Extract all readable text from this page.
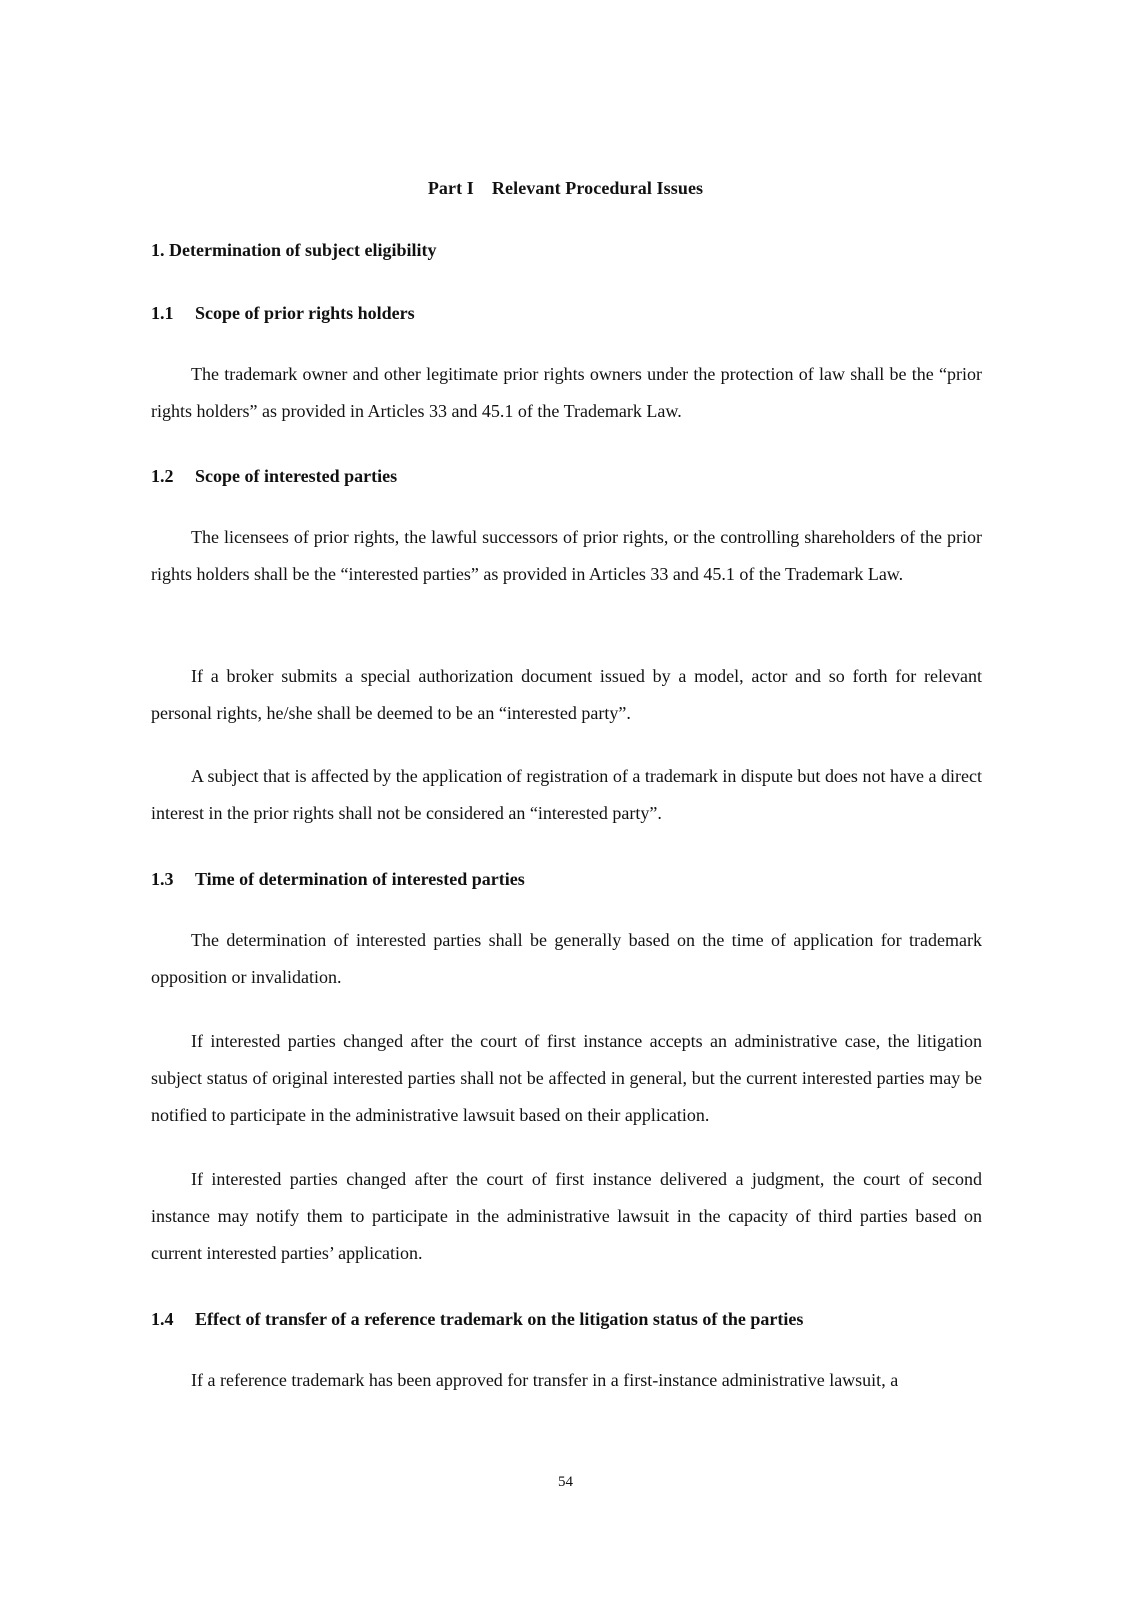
Part I Relevant Procedural Issues
1. Determination of subject eligibility
1.1 Scope of prior rights holders

The trademark owner and other legitimate prior rights owners under the protection of law shall be the “prior rights holders” as provided in Articles 33 and 45.1 of the Trademark Law.

1.2 Scope of interested parties

The licensees of prior rights, the lawful successors of prior rights, or the controlling shareholders of the prior rights holders shall be the “interested parties” as provided in Articles 33 and 45.1 of the Trademark Law.

If a broker submits a special authorization document issued by a model, actor and so forth for relevant personal rights, he/she shall be deemed to be an “interested party”.

A subject that is affected by the application of registration of a trademark in dispute but does not have a direct interest in the prior rights shall not be considered an “interested party”.

1.3 Time of determination of interested parties

The determination of interested parties shall be generally based on the time of application for trademark opposition or invalidation.

If interested parties changed after the court of first instance accepts an administrative case, the litigation subject status of original interested parties shall not be affected in general, but the current interested parties may be notified to participate in the administrative lawsuit based on their application.

If interested parties changed after the court of first instance delivered a judgment, the court of second instance may notify them to participate in the administrative lawsuit in the capacity of third parties based on current interested parties’ application.

1.4 Effect of transfer of a reference trademark on the litigation status of the parties

If a reference trademark has been approved for transfer in a first-instance administrative lawsuit, a

54
